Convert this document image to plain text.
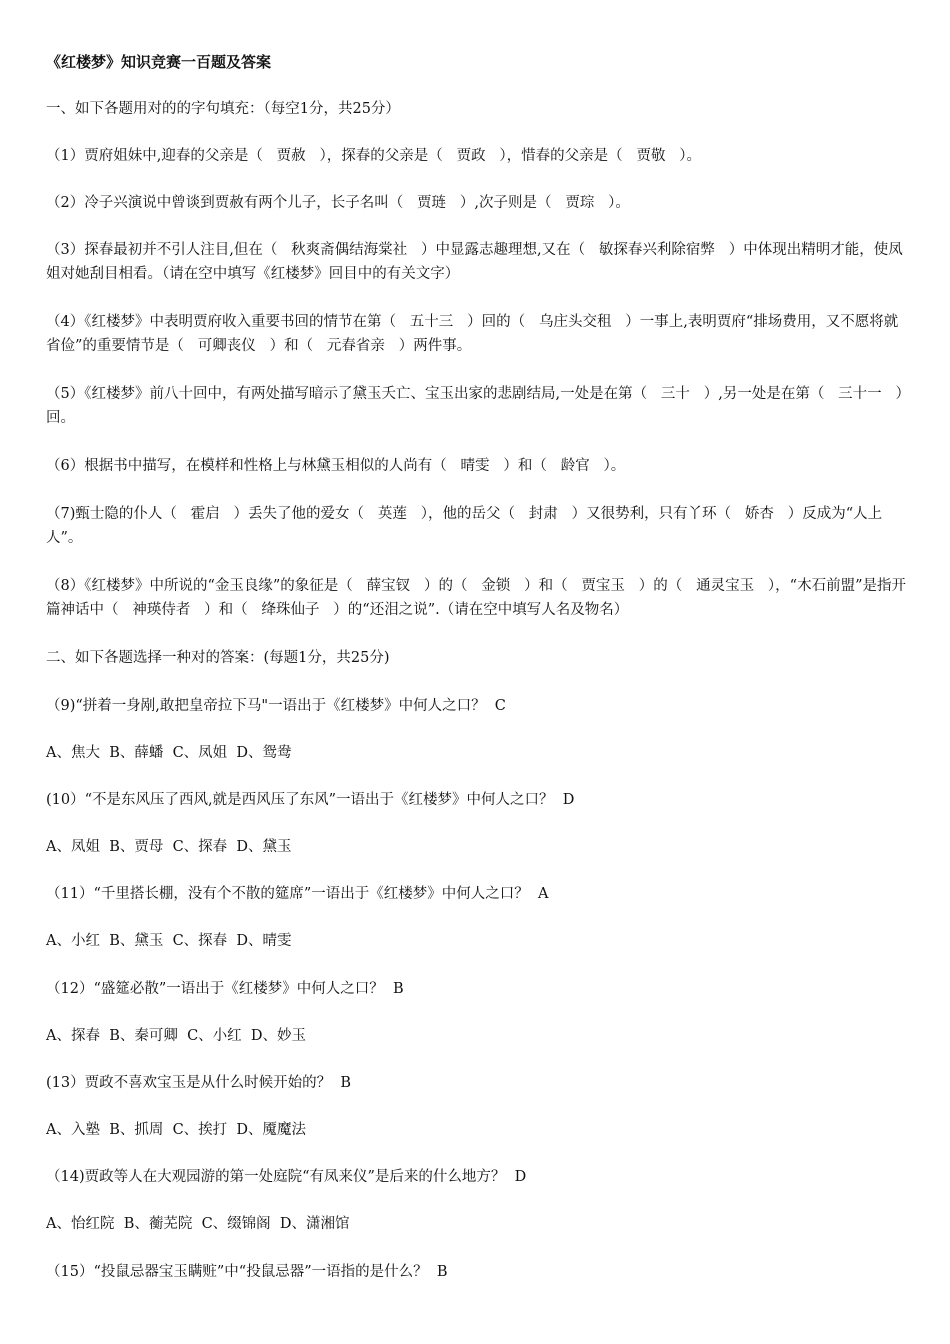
《红楼梦》知识竞赛一百题及答案
一、如下各题用对的的字句填充：（每空1分，共25分）
（1）贾府姐妹中,迎春的父亲是（   贾赦   ），探春的父亲是（   贾政   ），惜春的父亲是（   贾敬   ）。
（2）冷子兴演说中曾谈到贾赦有两个儿子，长子名叫（   贾琏   ）,次子则是（   贾琮   ）。
（3）探春最初并不引人注目,但在（   秋爽斋偶结海棠社   ）中显露志趣理想,又在（   敏探春兴利除宿弊   ）中体现出精明才能，使凤姐对她刮目相看。（请在空中填写《红楼梦》回目中的有关文字）
（4）《红楼梦》中表明贾府收入重要书回的情节在第（   五十三   ）回的（   乌庄头交租   ）一事上,表明贾府“排场费用，又不愿将就省俭”的重要情节是（   可卿丧仪   ）和（   元春省亲   ）两件事。
（5）《红楼梦》前八十回中，有两处描写暗示了黛玉夭亡、宝玉出家的悲剧结局,一处是在第（   三十   ）,另一处是在第（   三十一   ）回。
（6）根据书中描写，在模样和性格上与林黛玉相似的人尚有（   晴雯   ）和（   龄官   ）。
（7)甄士隐的仆人（   霍启   ）丢失了他的爱女（   英莲   ），他的岳父（   封肃   ）又很势利，只有丫环（   娇杏   ）反成为“人上人”。
（8）《红楼梦》中所说的“金玉良缘”的象征是（   薛宝钗   ）的（   金锁   ）和（   贾宝玉   ）的（   通灵宝玉   ），“木石前盟”是指开篇神话中（   神瑛侍者   ）和（   绛珠仙子   ）的“还泪之说”.（请在空中填写人名及物名）
二、如下各题选择一种对的答案：(每题1分，共25分)
（9)“拼着一身剐,敢把皇帝拉下马"一语出于《红楼梦》中何人之口？  C
A、焦大  B、薛蟠  C、凤姐  D、鸳鸯
(10）“不是东风压了西风,就是西风压了东风”一语出于《红楼梦》中何人之口？  D
A、凤姐  B、贾母  C、探春  D、黛玉
（11）“千里搭长棚，没有个不散的筵席”一语出于《红楼梦》中何人之口？  A
A、小红  B、黛玉  C、探春  D、晴雯
（12）“盛筵必散”一语出于《红楼梦》中何人之口？  B
A、探春  B、秦可卿  C、小红  D、妙玉
(13）贾政不喜欢宝玉是从什么时候开始的？  B
A、入塾  B、抓周  C、挨打  D、魇魔法
（14)贾政等人在大观园游的第一处庭院“有凤来仪”是后来的什么地方？  D
A、怡红院  B、蘅芜院  C、缀锦阁  D、潇湘馆
（15）“投鼠忌器宝玉瞒赃”中“投鼠忌器”一语指的是什么？  B
